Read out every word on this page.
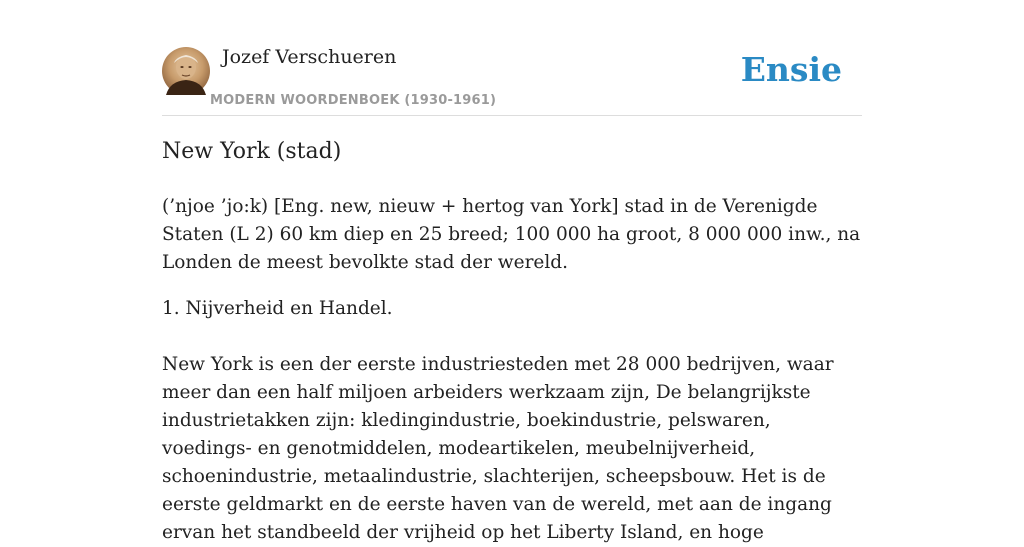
Jozef Verschueren
MODERN WOORDENBOEK (1930-1961)
Ensie
New York (stad)

(’njoe ’jo:k) [Eng. new, nieuw + hertog van York] stad in de Verenigde Staten (L 2) 60 km diep en 25 breed; 100 000 ha groot, 8 000 000 inw., na Londen de meest bevolkte stad der wereld.

1. Nijverheid en Handel.

New York is een der eerste industriesteden met 28 000 bedrijven, waar meer dan een half miljoen arbeiders werkzaam zijn, De belangrijkste industrietakken zijn: kledingindustrie, boekindustrie, pelswaren, voedings- en genotmiddelen, modeartikelen, meubelnijverheid, schoenindustrie, metaalindustrie, slachterijen, scheepsbouw. Het is de eerste geldmarkt en de eerste haven van de wereld, met aan de ingang ervan het standbeeld der vrijheid op het Liberty Island, en hoge
